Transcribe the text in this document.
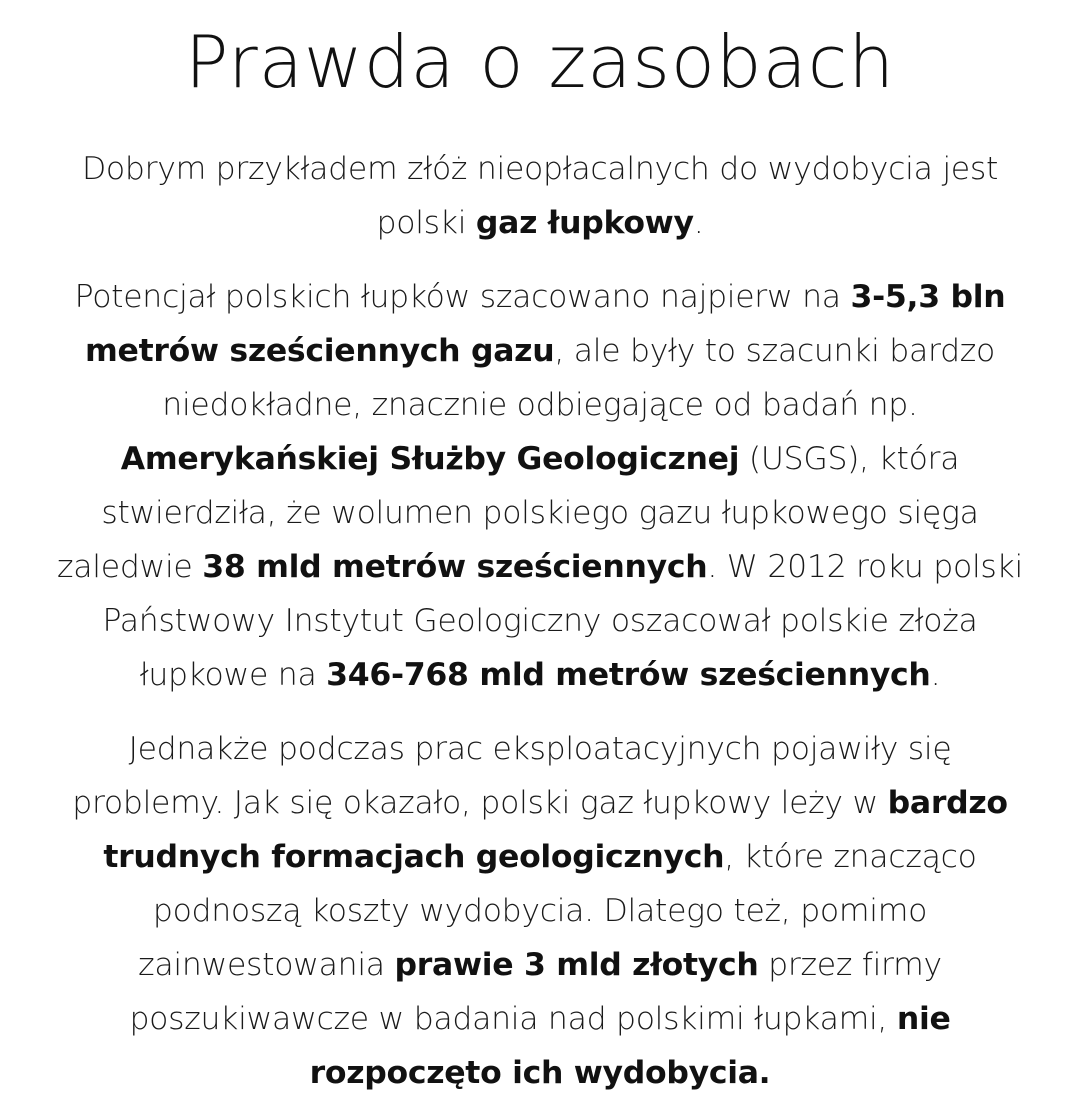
Prawda o zasobach

Dobrym przykładem złóż nieopłacalnych do wydobycia jest
polski gaz łupkowy.

Potencjał polskich łupków szacowano najpierw na 3-5,3 bln
metrów sześciennych gazu, ale były to szacunki bardzo
niedokładne, znacznie odbiegające od badań np.
Amerykańskiej Służby Geologicznej (USGS), która
stwierdziła, że wolumen polskiego gazu łupkowego sięga
zaledwie 38 mld metrów sześciennych. W 2012 roku polski
Państwowy Instytut Geologiczny oszacował polskie złoża
łupkowe na 346-768 mld metrów sześciennych.

Jednakże podczas prac eksploatacyjnych pojawiły się
problemy. Jak się okazało, polski gaz łupkowy leży w bardzo
trudnych formacjach geologicznych, które znacząco
podnoszą koszty wydobycia. Dlatego też, pomimo
zainwestowania prawie 3 mld złotych przez firmy
poszukiwawcze w badania nad polskimi łupkami, nie
rozpoczęto ich wydobycia.
